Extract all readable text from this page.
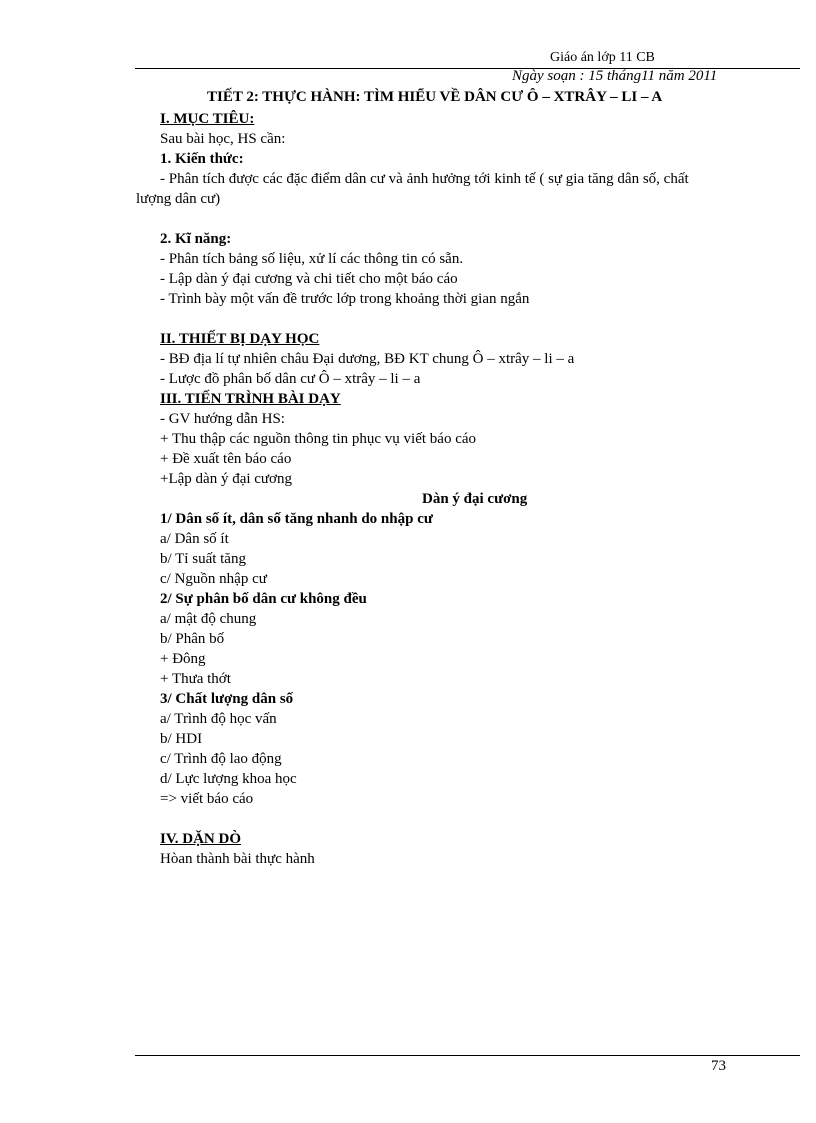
Giáo án lớp 11 CB
Ngày soạn : 15 tháng11 năm 2011
TIẾT 2: THỰC HÀNH: TÌM HIỂU VỀ DÂN CƯ Ô – XTRÂY – LI – A
I. MỤC TIÊU:
Sau bài học, HS cần:
1. Kiến thức:
- Phân tích được các đặc điểm dân cư và ảnh hưởng tới kinh tế ( sự gia tăng dân số, chất
lượng dân cư)
2. Kĩ năng:
- Phân tích bảng số liệu, xử lí các thông tin có sẵn.
- Lập dàn ý đại cương và chi tiết cho một báo cáo
- Trình bày một vấn đề trước lớp trong khoảng thời gian ngắn
II. THIẾT BỊ DẠY HỌC
- BĐ địa lí tự nhiên châu Đại dương, BĐ KT chung Ô – xtrây – li – a
- Lược đồ phân bố dân cư Ô – xtrây – li – a
III. TIẾN TRÌNH BÀI DẠY
- GV hướng dẫn HS:
+ Thu thập các nguồn thông tin phục vụ viết báo cáo
+ Đề xuất tên báo cáo
+Lập dàn ý đại cương
Dàn ý đại cương
1/ Dân số ít, dân số tăng nhanh do nhập cư
a/ Dân số ít
b/ Tỉ suất tăng
c/ Nguồn nhập cư
2/ Sự phân bố dân cư không đều
a/ mật độ chung
b/ Phân bố
+ Đông
+ Thưa thớt
3/ Chất lượng dân số
a/ Trình độ học vấn
b/ HDI
c/ Trình độ lao động
d/ Lực lượng khoa học
=> viết báo cáo
IV. DẶN DÒ
Hòan thành bài thực hành
73
